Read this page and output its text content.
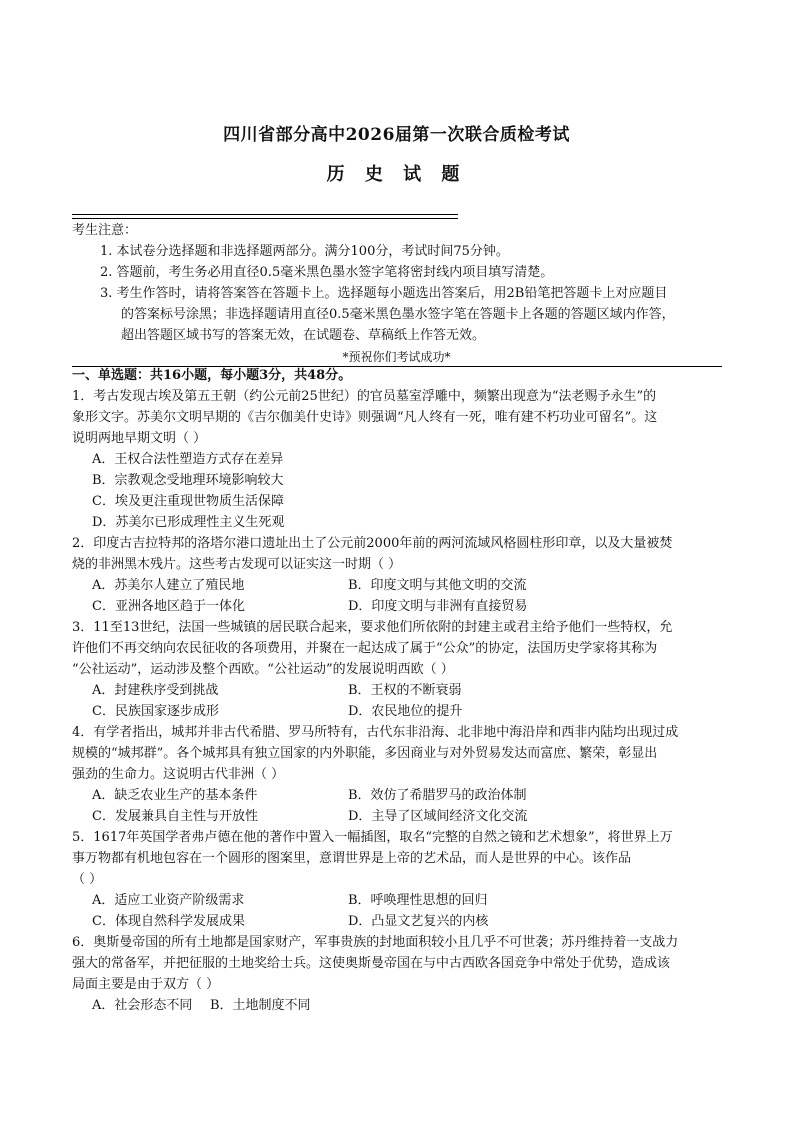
四川省部分高中2026届第一次联合质检考试
历 史 试 题
考生注意：
1. 本试卷分选择题和非选择题两部分。满分100分，考试时间75分钟。
2. 答题前，考生务必用直径0.5毫米黑色墨水签字笔将密封线内项目填写清楚。
3. 考生作答时，请将答案答在答题卡上。选择题每小题选出答案后，用2B铅笔把答题卡上对应题目
的答案标号涂黑；非选择题请用直径0.5毫米黑色墨水签字笔在答题卡上各题的答题区域内作答，
超出答题区域书写的答案无效，在试题卷、草稿纸上作答无效。
*预祝你们考试成功*
一、单选题：共16小题，每小题3分，共48分。
1．考古发现古埃及第五王朝（约公元前25世纪）的官员墓室浮雕中，频繁出现意为“法老赐予永生”的
象形文字。苏美尔文明早期的《吉尔伽美什史诗》则强调“凡人终有一死，唯有建不朽功业可留名”。这
说明两地早期文明（ ）
A．王权合法性塑造方式存在差异
B．宗教观念受地理环境影响较大
C．埃及更注重现世物质生活保障
D．苏美尔已形成理性主义生死观
2．印度古吉拉特邦的洛塔尔港口遗址出土了公元前2000年前的两河流域风格圆柱形印章，以及大量被焚
烧的非洲黑木残片。这些考古发现可以证实这一时期（ ）
A．苏美尔人建立了殖民地	B．印度文明与其他文明的交流
C．亚洲各地区趋于一体化	D．印度文明与非洲有直接贸易
3．11至13世纪，法国一些城镇的居民联合起来，要求他们所依附的封建主或君主给予他们一些特权，允
许他们不再交纳向农民征收的各项费用，并聚在一起达成了属于“公众”的协定，法国历史学家将其称为
“公社运动”，运动涉及整个西欧。“公社运动”的发展说明西欧（ ）
A．封建秩序受到挑战	B．王权的不断衰弱
C．民族国家逐步成形	D．农民地位的提升
4．有学者指出，城邦并非古代希腊、罗马所特有，古代东非沿海、北非地中海沿岸和西非内陆均出现过成
规模的“城邦群”。各个城邦具有独立国家的内外职能，多因商业与对外贸易发达而富庶、繁荣，彰显出
强劲的生命力。这说明古代非洲（ ）
A．缺乏农业生产的基本条件	B．效仿了希腊罗马的政治体制
C．发展兼具自主性与开放性	D．主导了区域间经济文化交流
5．1617年英国学者弗卢德在他的著作中置入一幅插图，取名“完整的自然之镜和艺术想象”，将世界上万
事万物都有机地包容在一个圆形的图案里，意谓世界是上帝的艺术品，而人是世界的中心。该作品
（ ）
A．适应工业资产阶级需求	B．呼唤理性思想的回归
C．体现自然科学发展成果	D．凸显文艺复兴的内核
6．奥斯曼帝国的所有土地都是国家财产，军事贵族的封地面积较小且几乎不可世袭；苏丹维持着一支战力
强大的常备军，并把征服的土地奖给士兵。这使奥斯曼帝国在与中古西欧各国竞争中常处于优势，造成该
局面主要是由于双方（ ）
A．社会形态不同 B．土地制度不同
